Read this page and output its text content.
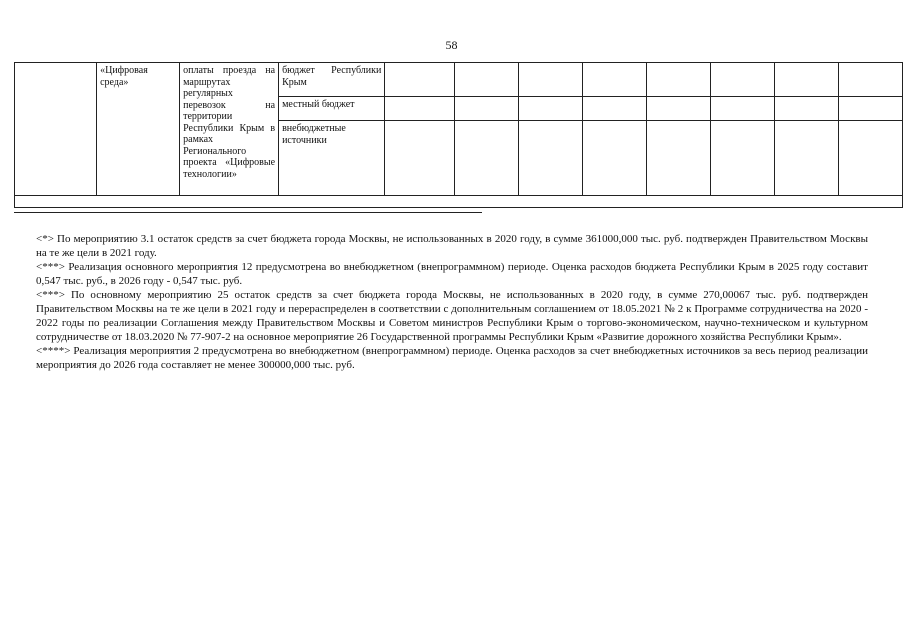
58
	«Цифровая среда»	оплаты проезда на маршрутах регулярных перевозок на территории Республики Крым в рамках Регионального проекта «Цифровые технологии»	бюджет Республики Крым								
			местный бюджет								
			внебюджетные источники								

<*> По мероприятию 3.1 остаток средств за счет бюджета города Москвы, не использованных в 2020 году, в сумме 361000,000 тыс. руб. подтвержден Правительством Москвы на те же цели в 2021 году.

<***> Реализация основного мероприятия 12 предусмотрена во внебюджетном (внепрограммном) периоде. Оценка расходов бюджета Республики Крым в 2025 году составит 0,547 тыс. руб., в 2026 году - 0,547 тыс. руб.

<***> По основному мероприятию 25 остаток средств за счет бюджета города Москвы, не использованных в 2020 году, в сумме 270,00067 тыс. руб. подтвержден Правительством Москвы на те же цели в 2021 году и перераспределен в соответствии с дополнительным соглашением от 18.05.2021 № 2 к Программе сотрудничества на 2020 - 2022 годы по реализации Соглашения между Правительством Москвы и Советом министров Республики Крым о торгово-экономическом, научно-техническом и культурном сотрудничестве от 18.03.2020 № 77-907-2 на основное мероприятие 26 Государственной программы Республики Крым «Развитие дорожного хозяйства Республики Крым».

<****> Реализация мероприятия 2 предусмотрена во внебюджетном (внепрограммном) периоде. Оценка расходов за счет внебюджетных источников за весь период реализации мероприятия до 2026 года составляет не менее 300000,000 тыс. руб.
